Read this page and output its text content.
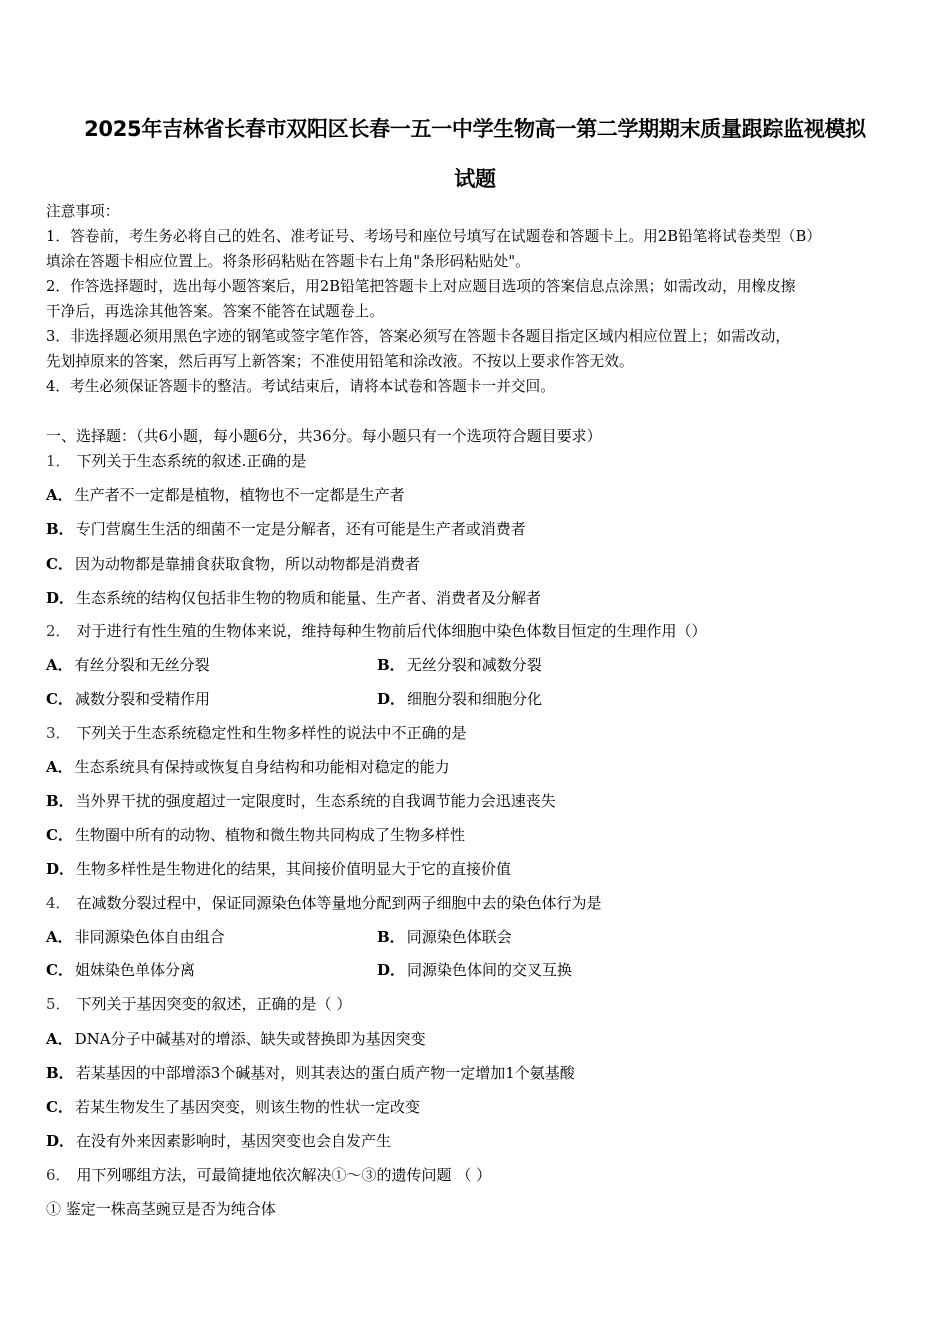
2025年吉林省长春市双阳区长春一五一中学生物高一第二学期期末质量跟踪监视模拟
试题
注意事项：
1．答卷前，考生务必将自己的姓名、准考证号、考场号和座位号填写在试题卷和答题卡上。用2B铅笔将试卷类型（B）
填涂在答题卡相应位置上。将条形码粘贴在答题卡右上角"条形码粘贴处"。
2．作答选择题时，选出每小题答案后，用2B铅笔把答题卡上对应题目选项的答案信息点涂黑；如需改动，用橡皮擦
干净后，再选涂其他答案。答案不能答在试题卷上。
3．非选择题必须用黑色字迹的钢笔或签字笔作答，答案必须写在答题卡各题目指定区域内相应位置上；如需改动，
先划掉原来的答案，然后再写上新答案；不准使用铅笔和涂改液。不按以上要求作答无效。
4．考生必须保证答题卡的整洁。考试结束后，请将本试卷和答题卡一并交回。
一、选择题：（共6小题，每小题6分，共36分。每小题只有一个选项符合题目要求）
1． 下列关于生态系统的叙述.正确的是
A． 生产者不一定都是植物，植物也不一定都是生产者
B． 专门营腐生生活的细菌不一定是分解者，还有可能是生产者或消费者
C． 因为动物都是靠捕食获取食物，所以动物都是消费者
D． 生态系统的结构仅包括非生物的物质和能量、生产者、消费者及分解者
2． 对于进行有性生殖的生物体来说，维持每种生物前后代体细胞中染色体数目恒定的生理作用（）
A． 有丝分裂和无丝分裂	B． 无丝分裂和减数分裂
C． 减数分裂和受精作用	D． 细胞分裂和细胞分化
3． 下列关于生态系统稳定性和生物多样性的说法中不正确的是
A． 生态系统具有保持或恢复自身结构和功能相对稳定的能力
B． 当外界干扰的强度超过一定限度时，生态系统的自我调节能力会迅速丧失
C． 生物圈中所有的动物、植物和微生物共同构成了生物多样性
D． 生物多样性是生物进化的结果，其间接价值明显大于它的直接价值
4． 在减数分裂过程中，保证同源染色体等量地分配到两子细胞中去的染色体行为是
A． 非同源染色体自由组合	B． 同源染色体联会
C． 姐妹染色单体分离	D． 同源染色体间的交叉互换
5． 下列关于基因突变的叙述，正确的是（ ）
A． DNA分子中碱基对的增添、缺失或替换即为基因突变
B． 若某基因的中部增添3个碱基对，则其表达的蛋白质产物一定增加1个氨基酸
C． 若某生物发生了基因突变，则该生物的性状一定改变
D． 在没有外来因素影响时，基因突变也会自发产生
6． 用下列哪组方法，可最简捷地依次解决①～③的遗传问题 （ ）
① 鉴定一株高茎豌豆是否为纯合体
